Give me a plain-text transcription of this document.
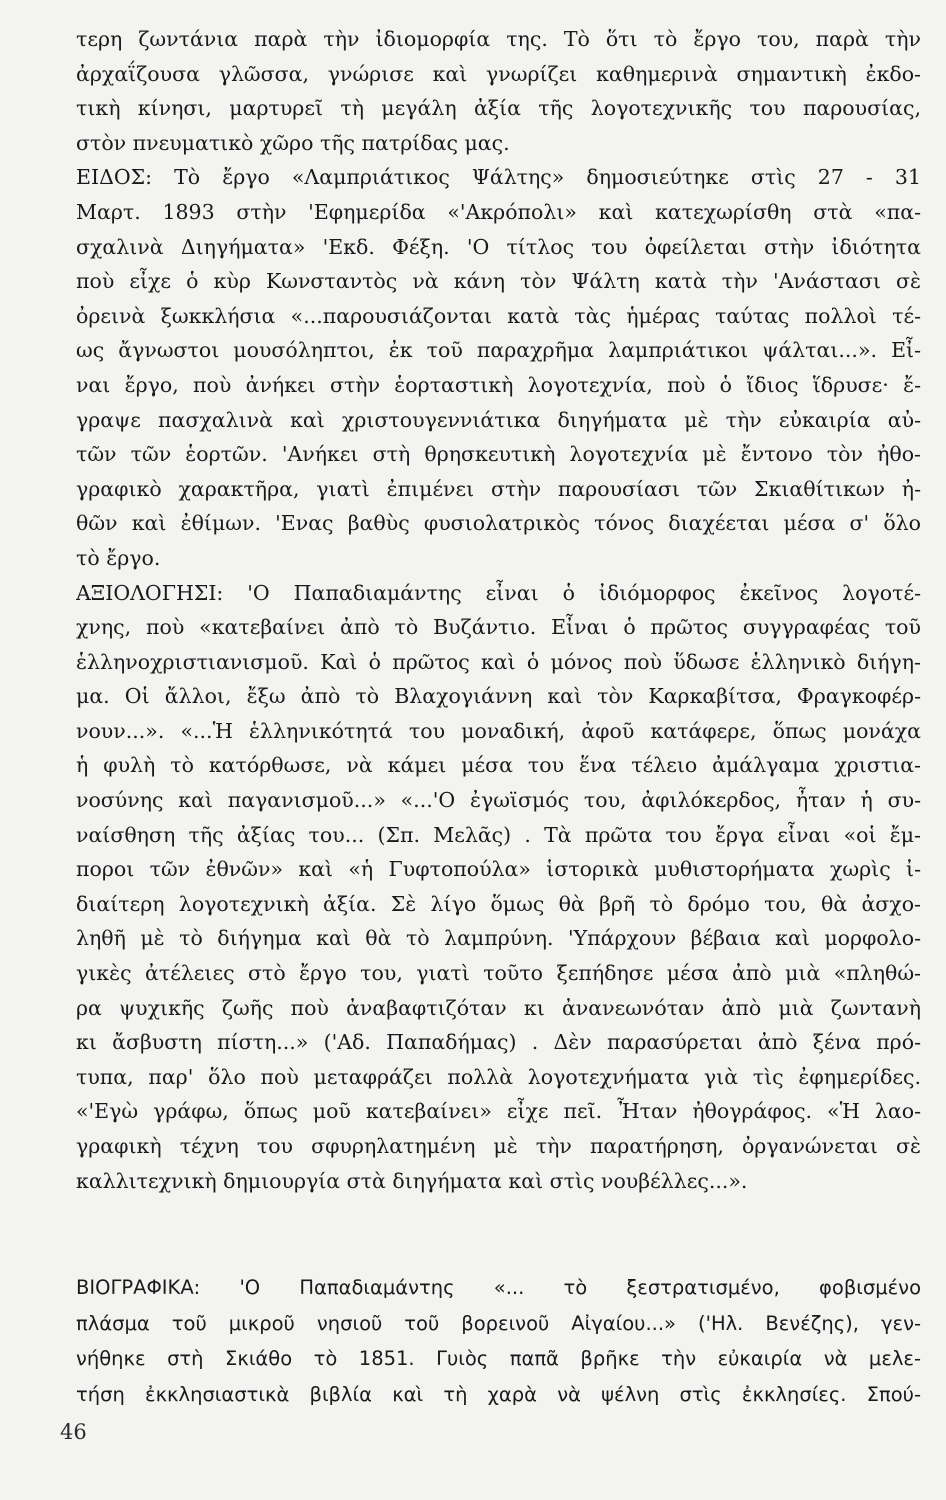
τερη ζωντάνια παρὰ τὴν ἰδιομορφία της. Τὸ ὅτι τὸ ἔργο του, παρὰ τὴν
ἀρχαΐζουσα γλῶσσα, γνώρισε καὶ γνωρίζει καθημερινὰ σημαντικὴ ἐκδο-
τικὴ κίνησι, μαρτυρεῖ τὴ μεγάλη ἀξία τῆς λογοτεχνικῆς του παρουσίας,
στὸν πνευματικὸ χῶρο τῆς πατρίδας μας.
ΕΙΔΟΣ: Τὸ ἔργο «Λαμπριάτικος Ψάλτης» δημοσιεύτηκε στὶς 27 - 31
Μαρτ. 1893 στὴν 'Εφημερίδα «'Ακρόπολι» καὶ κατεχωρίσθη στὰ «πα-
σχαλινὰ Διηγήματα» 'Εκδ. Φέξη. 'Ο τίτλος του ὀφείλεται στὴν ἰδιότητα
ποὺ εἶχε ὁ κὺρ Κωνσταντὸς νὰ κάνη τὸν Ψάλτη κατὰ τὴν 'Ανάστασι σὲ
ὀρεινὰ ξωκκλήσια «...παρουσιάζονται κατὰ τὰς ἡμέρας ταύτας πολλοὶ τέ-
ως ἄγνωστοι μουσόληπτοι, ἐκ τοῦ παραχρῆμα λαμπριάτικοι ψάλται...». Εἶ-
ναι ἔργο, ποὺ ἀνήκει στὴν ἑορταστικὴ λογοτεχνία, ποὺ ὁ ἴδιος ἵδρυσε· ἔ-
γραψε πασχαλινὰ καὶ χριστουγεννιάτικα διηγήματα μὲ τὴν εὐκαιρία αὐ-
τῶν τῶν ἑορτῶν. 'Ανήκει στὴ θρησκευτικὴ λογοτεχνία μὲ ἔντονο τὸν ἠθο-
γραφικὸ χαρακτῆρα, γιατὶ ἐπιμένει στὴν παρουσίασι τῶν Σκιαθίτικων ἠ-
θῶν καὶ ἐθίμων. 'Ενας βαθὺς φυσιολατρικὸς τόνος διαχέεται μέσα σ' ὅλο
τὸ ἔργο.
ΑΞΙΟΛΟΓΗΣΙ: 'Ο Παπαδιαμάντης εἶναι ὁ ἰδιόμορφος ἐκεῖνος λογοτέ-
χνης, ποὺ «κατεβαίνει ἀπὸ τὸ Βυζάντιο. Εἶναι ὁ πρῶτος συγγραφέας τοῦ
ἑλληνοχριστιανισμοῦ. Καὶ ὁ πρῶτος καὶ ὁ μόνος ποὺ ὕδωσε ἑλληνικὸ διήγη-
μα. Οἱ ἄλλοι, ἔξω ἀπὸ τὸ Βλαχογιάννη καὶ τὸν Καρκαβίτσα, Φραγκοφέρ-
νουν...». «...Ἡ ἑλληνικότητά του μοναδική, ἀφοῦ κατάφερε, ὅπως μονάχα
ἡ φυλὴ τὸ κατόρθωσε, νὰ κάμει μέσα του ἕνα τέλειο ἀμάλγαμα χριστια-
νοσύνης καὶ παγανισμοῦ...» «...'Ο ἐγωϊσμός του, ἀφιλόκερδος, ἦταν ἡ συ-
ναίσθηση τῆς ἀξίας του... (Σπ. Μελᾶς) . Τὰ πρῶτα του ἔργα εἶναι «οἱ ἔμ-
ποροι τῶν ἐθνῶν» καὶ «ἡ Γυφτοπούλα» ἱστορικὰ μυθιστορήματα χωρὶς ἰ-
διαίτερη λογοτεχνικὴ ἀξία. Σὲ λίγο ὅμως θὰ βρῆ τὸ δρόμο του, θὰ ἀσχο-
ληθῆ μὲ τὸ διήγημα καὶ θὰ τὸ λαμπρύνη. 'Υπάρχουν βέβαια καὶ μορφολο-
γικὲς ἀτέλειες στὸ ἔργο του, γιατὶ τοῦτο ξεπήδησε μέσα ἀπὸ μιὰ «πληθώ-
ρα ψυχικῆς ζωῆς ποὺ ἀναβαφτιζόταν κι ἀνανεωνόταν ἀπὸ μιὰ ζωντανὴ
κι ἄσβυστη πίστη...» ('Αδ. Παπαδήμας) . Δὲν παρασύρεται ἀπὸ ξένα πρό-
τυπα, παρ' ὅλο ποὺ μεταφράζει πολλὰ λογοτεχνήματα γιὰ τὶς ἐφημερίδες.
«'Εγὼ γράφω, ὅπως μοῦ κατεβαίνει» εἶχε πεῖ. Ἦταν ἠθογράφος. «Ἡ λαο-
γραφικὴ τέχνη του σφυρηλατημένη μὲ τὴν παρατήρηση, ὀργανώνεται σὲ
καλλιτεχνικὴ δημιουργία στὰ διηγήματα καὶ στὶς νουβέλλες...».
ΒΙΟΓΡΑΦΙΚΑ: 'Ο Παπαδιαμάντης «... τὸ ξεστρατισμένο, φοβισμένο
πλάσμα τοῦ μικροῦ νησιοῦ τοῦ βορεινοῦ Αἰγαίου...» ('Ηλ. Βενέζης), γεν-
νήθηκε στὴ Σκιάθο τὸ 1851. Γυιὸς παπᾶ βρῆκε τὴν εὐκαιρία νὰ μελε-
τήση ἐκκλησιαστικὰ βιβλία καὶ τὴ χαρὰ νὰ ψέλνη στὶς ἐκκλησίες. Σπού-
46
